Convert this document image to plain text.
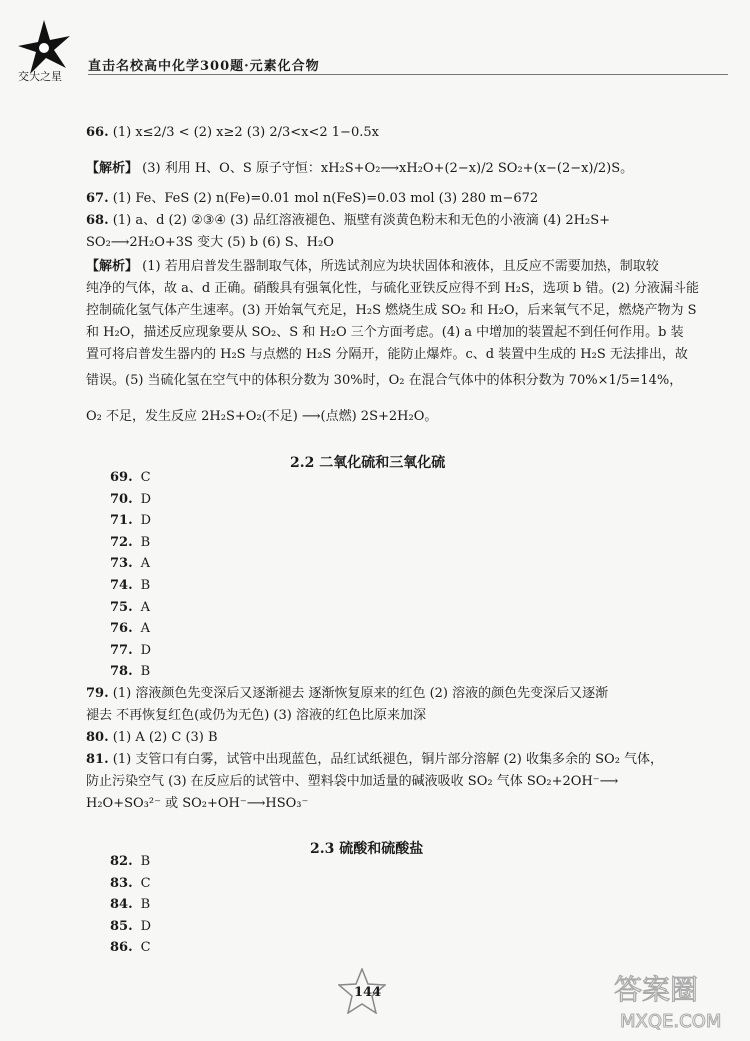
交大之星
直击名校高中化学300题·元素化合物
66. (1) x≤2/3 < (2) x≥2 (3) 2/3<x<2 1−0.5x
【解析】 (3) 利用 H、O、S 原子守恒：xH₂S+O₂⟶xH₂O+(2−x)/2 SO₂+(x−(2−x)/2)S。
67. (1) Fe、FeS (2) n(Fe)=0.01 mol n(FeS)=0.03 mol (3) 280 m−672
68. (1) a、d (2) ②③④ (3) 品红溶液褪色、瓶壁有淡黄色粉末和无色的小液滴 (4) 2H₂S+
SO₂⟶2H₂O+3S 变大 (5) b (6) S、H₂O
【解析】 (1) 若用启普发生器制取气体，所选试剂应为块状固体和液体，且反应不需要加热，制取较
纯净的气体，故 a、d 正确。硝酸具有强氧化性，与硫化亚铁反应得不到 H₂S，选项 b 错。(2) 分液漏斗能
控制硫化氢气体产生速率。(3) 开始氧气充足，H₂S 燃烧生成 SO₂ 和 H₂O，后来氧气不足，燃烧产物为 S
和 H₂O，描述反应现象要从 SO₂、S 和 H₂O 三个方面考虑。(4) a 中增加的装置起不到任何作用。b 装
置可将启普发生器内的 H₂S 与点燃的 H₂S 分隔开，能防止爆炸。c、d 装置中生成的 H₂S 无法排出，故
错误。(5) 当硫化氢在空气中的体积分数为 30%时，O₂ 在混合气体中的体积分数为 70%×1/5=14%，
O₂ 不足，发生反应 2H₂S+O₂(不足) ⟶(点燃) 2S+2H₂O。
2.2 二氧化硫和三氧化硫
69. C
70. D
71. D
72. B
73. A
74. B
75. A
76. A
77. D
78. B
79. (1) 溶液颜色先变深后又逐渐褪去 逐渐恢复原来的红色 (2) 溶液的颜色先变深后又逐渐
褪去 不再恢复红色(或仍为无色) (3) 溶液的红色比原来加深
80. (1) A (2) C (3) B
81. (1) 支管口有白雾，试管中出现蓝色，品红试纸褪色，铜片部分溶解 (2) 收集多余的 SO₂ 气体，
防止污染空气 (3) 在反应后的试管中、塑料袋中加适量的碱液吸收 SO₂ 气体 SO₂+2OH⁻⟶
H₂O+SO₃²⁻ 或 SO₂+OH⁻⟶HSO₃⁻
2.3 硫酸和硫酸盐
82. B
83. C
84. B
85. D
86. C
144	答案圈
MXQE.COM
